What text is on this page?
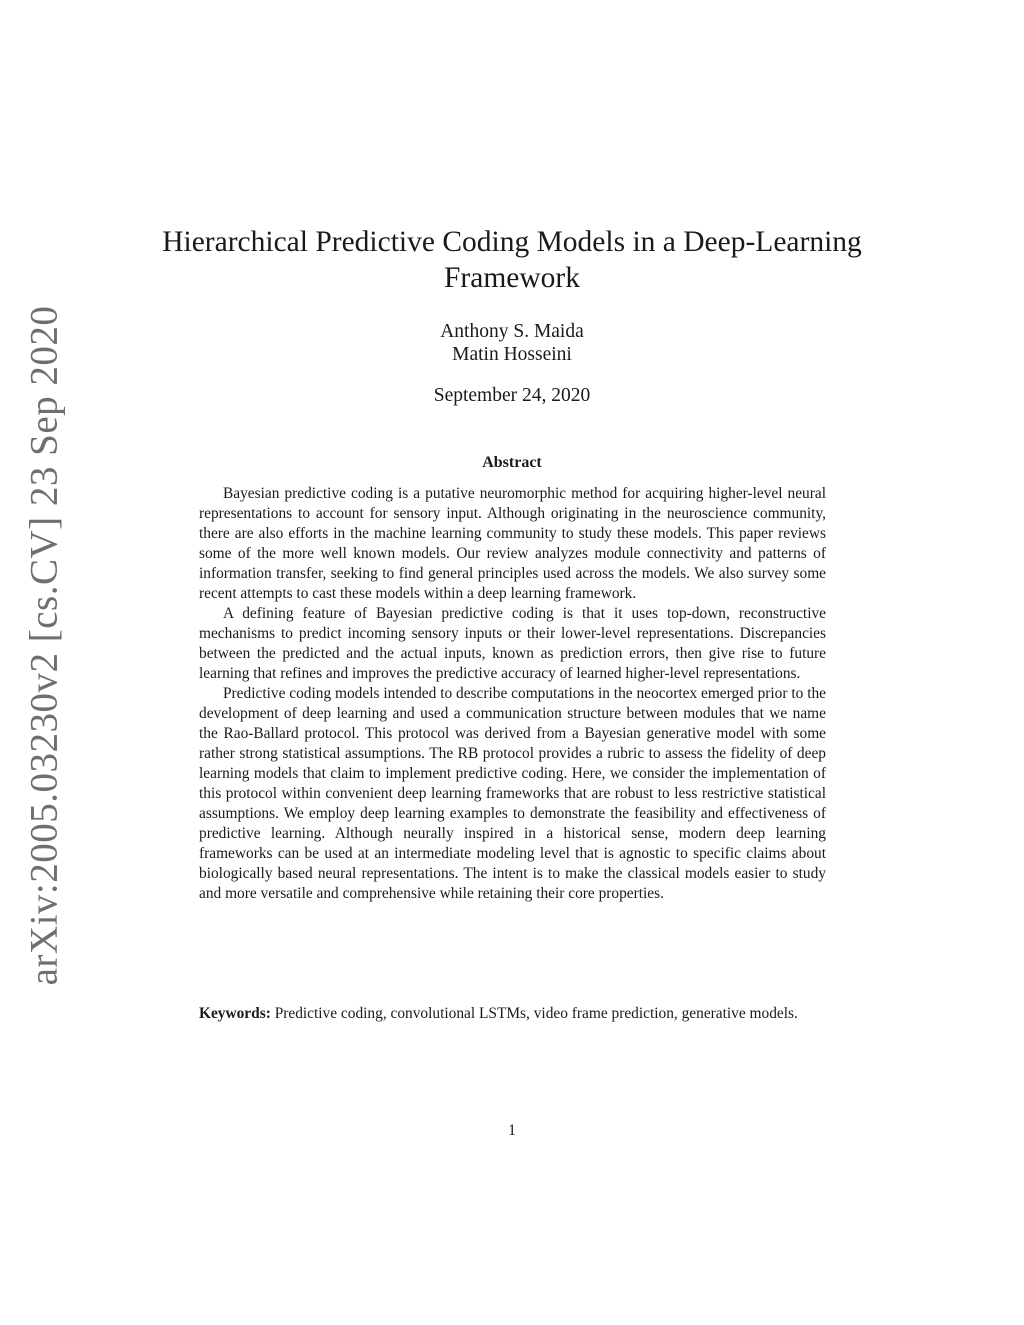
arXiv:2005.03230v2 [cs.CV] 23 Sep 2020
Hierarchical Predictive Coding Models in a Deep-Learning Framework
Anthony S. Maida
Matin Hosseini
September 24, 2020
Abstract

Bayesian predictive coding is a putative neuromorphic method for acquiring higher-level neural representations to account for sensory input. Although originating in the neuroscience community, there are also efforts in the machine learning community to study these models. This paper reviews some of the more well known models. Our review analyzes module connectivity and patterns of information transfer, seeking to find general principles used across the models. We also survey some recent attempts to cast these models within a deep learning framework.

A defining feature of Bayesian predictive coding is that it uses top-down, reconstructive mechanisms to predict incoming sensory inputs or their lower-level representations. Discrepancies between the predicted and the actual inputs, known as prediction errors, then give rise to future learning that refines and improves the predictive accuracy of learned higher-level representations.

Predictive coding models intended to describe computations in the neocortex emerged prior to the development of deep learning and used a communication structure between modules that we name the Rao-Ballard protocol. This protocol was derived from a Bayesian generative model with some rather strong statistical assumptions. The RB protocol provides a rubric to assess the fidelity of deep learning models that claim to implement predictive coding. Here, we consider the implementation of this protocol within convenient deep learning frameworks that are robust to less restrictive statistical assumptions. We employ deep learning examples to demonstrate the feasibility and effectiveness of predictive learning. Although neurally inspired in a historical sense, modern deep learning frameworks can be used at an intermediate modeling level that is agnostic to specific claims about biologically based neural representations. The intent is to make the classical models easier to study and more versatile and comprehensive while retaining their core properties.

Keywords: Predictive coding, convolutional LSTMs, video frame prediction, generative models.

1
